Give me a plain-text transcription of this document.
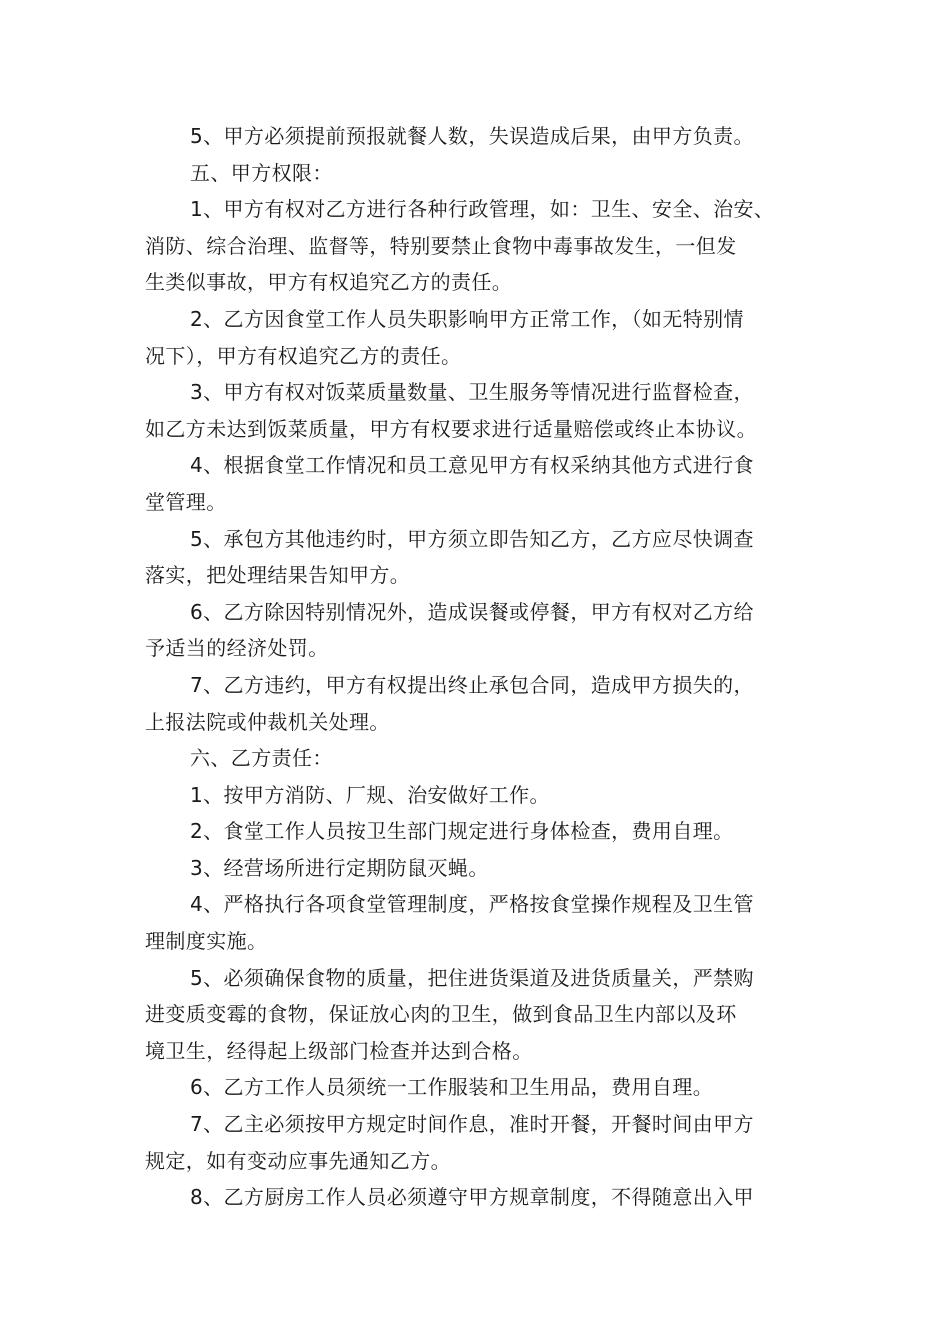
5、甲方必须提前预报就餐人数，失误造成后果，由甲方负责。
五、甲方权限：
1、甲方有权对乙方进行各种行政管理，如：卫生、安全、治安、
消防、综合治理、监督等，特别要禁止食物中毒事故发生，一但发
生类似事故，甲方有权追究乙方的责任。
2、乙方因食堂工作人员失职影响甲方正常工作，（如无特别情
况下），甲方有权追究乙方的责任。
3、甲方有权对饭菜质量数量、卫生服务等情况进行监督检查，
如乙方未达到饭菜质量，甲方有权要求进行适量赔偿或终止本协议。
4、根据食堂工作情况和员工意见甲方有权采纳其他方式进行食
堂管理。
5、承包方其他违约时，甲方须立即告知乙方，乙方应尽快调查
落实，把处理结果告知甲方。
6、乙方除因特别情况外，造成误餐或停餐，甲方有权对乙方给
予适当的经济处罚。
7、乙方违约，甲方有权提出终止承包合同，造成甲方损失的，
上报法院或仲裁机关处理。
六、乙方责任：
1、按甲方消防、厂规、治安做好工作。
2、食堂工作人员按卫生部门规定进行身体检查，费用自理。
3、经营场所进行定期防鼠灭蝇。
4、严格执行各项食堂管理制度，严格按食堂操作规程及卫生管
理制度实施。
5、必须确保食物的质量，把住进货渠道及进货质量关，严禁购
进变质变霉的食物，保证放心肉的卫生，做到食品卫生内部以及环
境卫生，经得起上级部门检查并达到合格。
6、乙方工作人员须统一工作服装和卫生用品，费用自理。
7、乙主必须按甲方规定时间作息，准时开餐，开餐时间由甲方
规定，如有变动应事先通知乙方。
8、乙方厨房工作人员必须遵守甲方规章制度，不得随意出入甲
